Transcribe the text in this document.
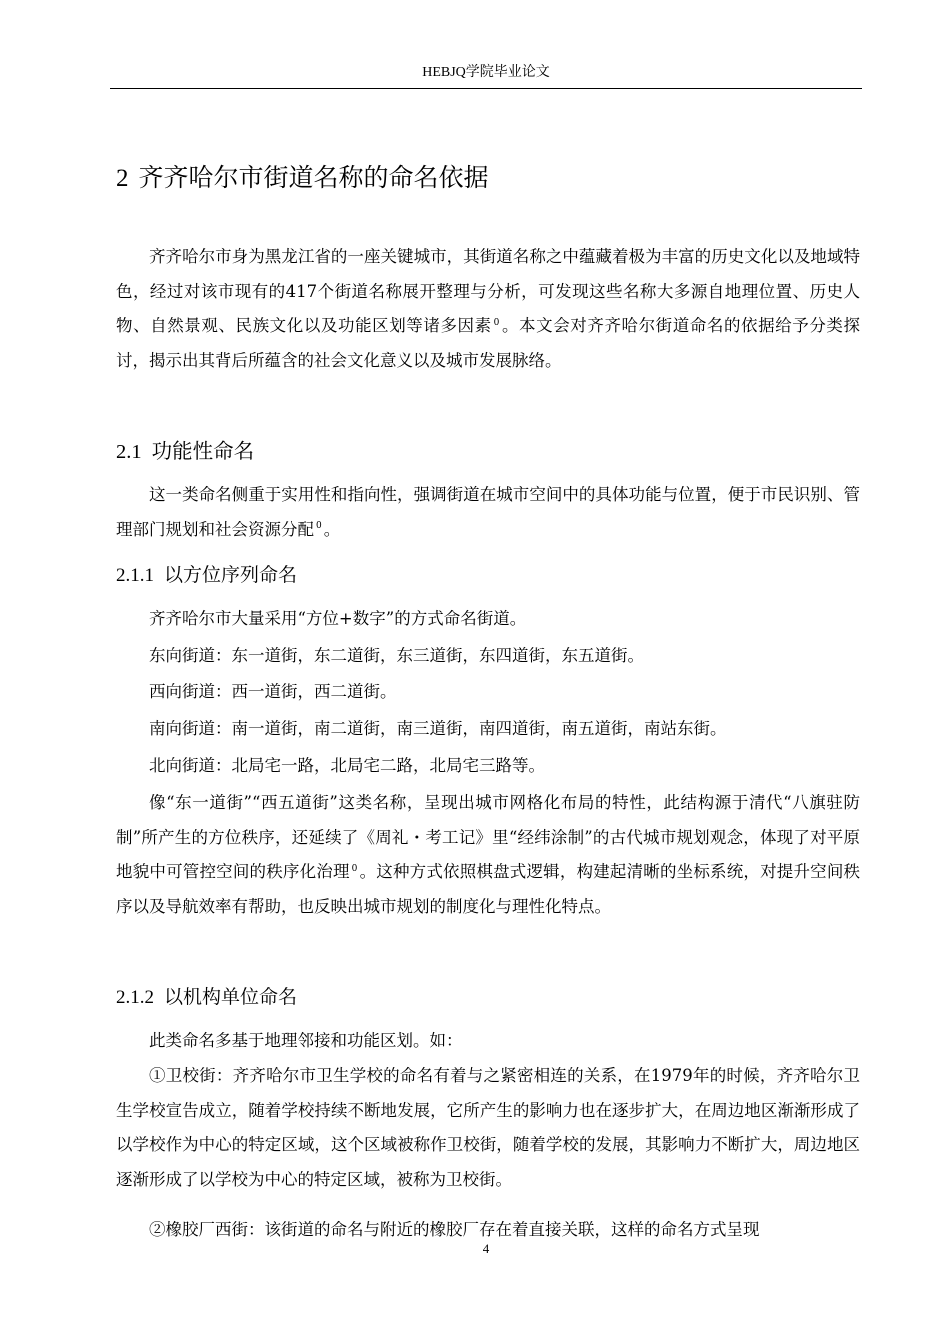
HEBJQ学院毕业论文
2 齐齐哈尔市街道名称的命名依据

齐齐哈尔市身为黑龙江省的一座关键城市，其街道名称之中蕴藏着极为丰富的历史文化以及地域特色，经过对该市现有的417个街道名称展开整理与分析，可发现这些名称大多源自地理位置、历史人物、自然景观、民族文化以及功能区划等诸多因素 $^0$ 。本文会对齐齐哈尔街道命名的依据给予分类探讨，揭示出其背后所蕴含的社会文化意义以及城市发展脉络。

2.1 功能性命名

这一类命名侧重于实用性和指向性，强调街道在城市空间中的具体功能与位置，便于市民识别、管理部门规划和社会资源分配 $^0$ 。

2.1.1 以方位序列命名

齐齐哈尔市大量采用“方位+数字”的方式命名街道。

东向街道：东一道街，东二道街，东三道街，东四道街，东五道街。

西向街道：西一道街，西二道街。

南向街道：南一道街，南二道街，南三道街，南四道街，南五道街，南站东街。

北向街道：北局宅一路，北局宅二路，北局宅三路等。

像“东一道街”“西五道街”这类名称，呈现出城市网格化布局的特性，此结构源于清代“八旗驻防制”所产生的方位秩序，还延续了《周礼・考工记》里“经纬涂制”的古代城市规划观念，体现了对平原地貌中可管控空间的秩序化治理 $^0$ 。这种方式依照棋盘式逻辑，构建起清晰的坐标系统，对提升空间秩序以及导航效率有帮助，也反映出城市规划的制度化与理性化特点。

2.1.2 以机构单位命名

此类命名多基于地理邻接和功能区划。如：

①卫校街：齐齐哈尔市卫生学校的命名有着与之紧密相连的关系，在1979年的时候，齐齐哈尔卫生学校宣告成立，随着学校持续不断地发展，它所产生的影响力也在逐步扩大，在周边地区渐渐形成了以学校作为中心的特定区域，这个区域被称作卫校街，随着学校的发展，其影响力不断扩大，周边地区逐渐形成了以学校为中心的特定区域，被称为卫校街。

②橡胶厂西街：该街道的命名与附近的橡胶厂存在着直接关联，这样的命名方式呈现

4
